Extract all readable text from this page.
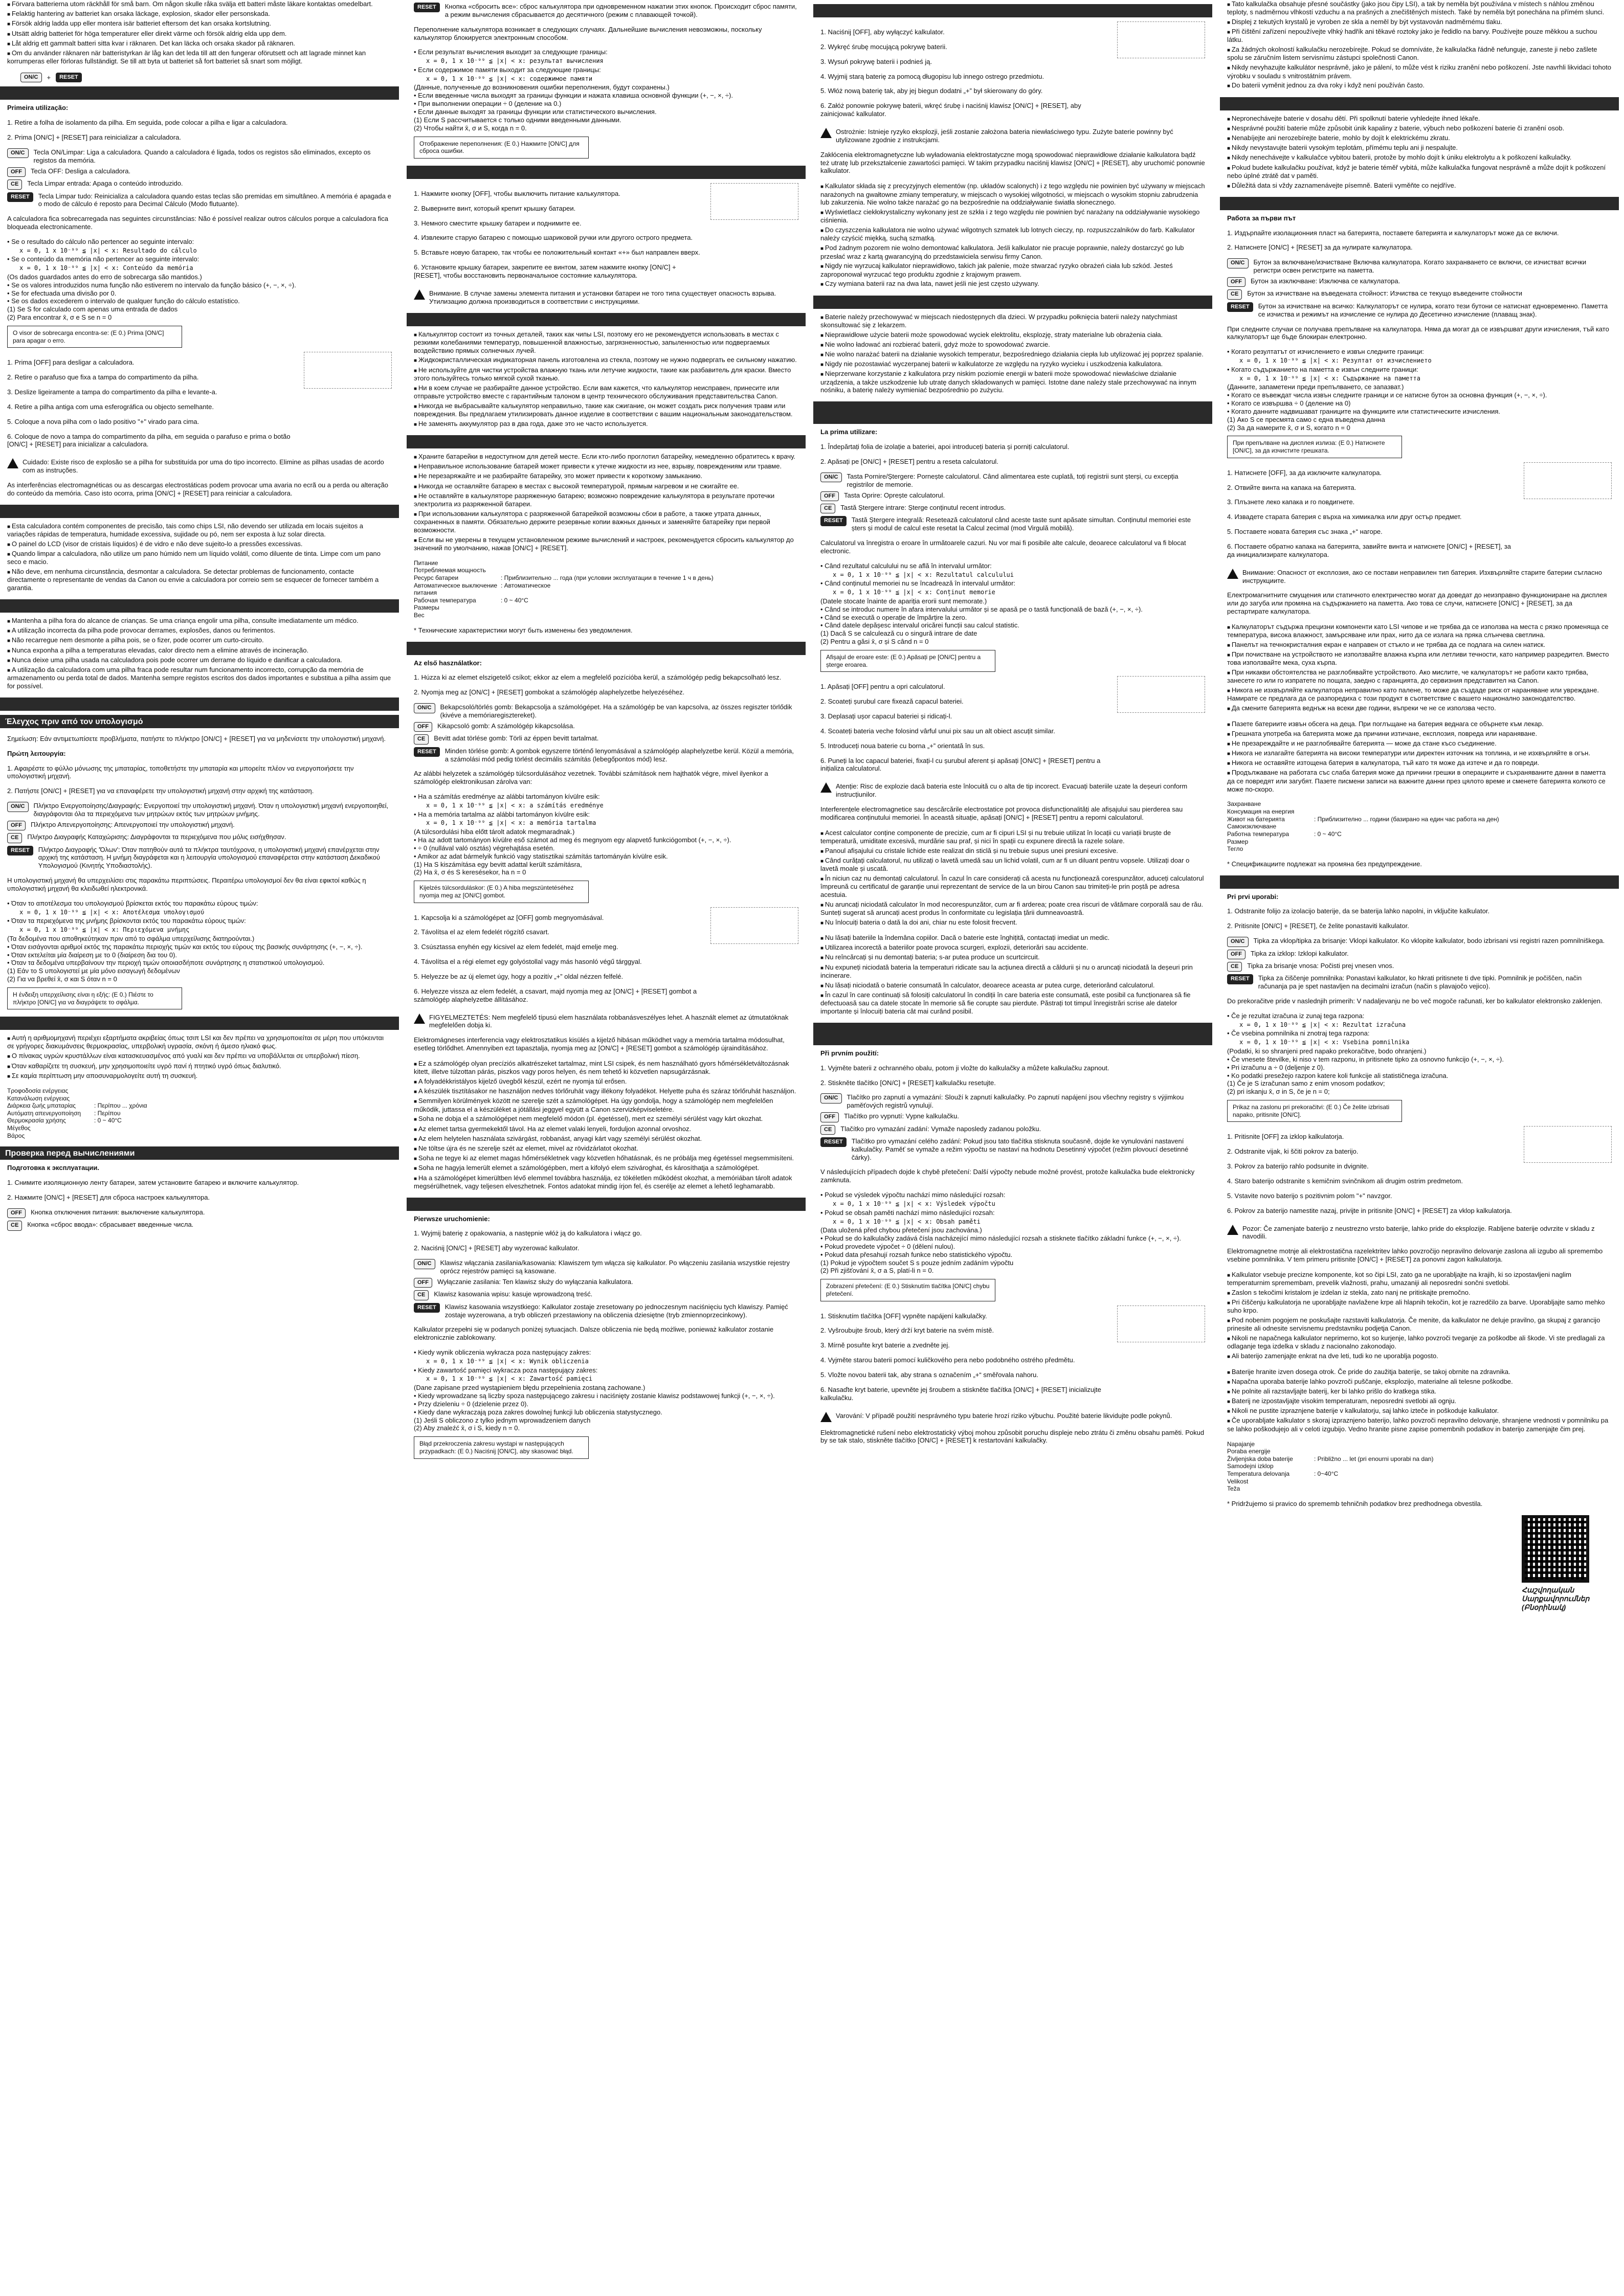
■ Förvara batterierna utom räckhåll för små barn. Om någon skulle råka svälja ett batteri måste läkare kontaktas omedelbart.

■ Felaktig hantering av batteriet kan orsaka läckage, explosion, skador eller personskada.

■ Försök aldrig ladda upp eller montera isär batteriet eftersom det kan orsaka kortslutning.

■ Utsätt aldrig batteriet för höga temperaturer eller direkt värme och försök aldrig elda upp dem.

■ Låt aldrig ett gammalt batteri sitta kvar i räknaren. Det kan läcka och orsaka skador på räknaren.

■ Om du använder räknaren när batteristyrkan är låg kan det leda till att den fungerar oförutsett och att lagrade minnet kan korrumperas eller förloras fullständigt. Se till att byta ut batteriet så fort batteriet så snart som möjligt.

ON/C	+	RESET
Primeira utilização:

1. Retire a folha de isolamento da pilha. Em seguida, pode colocar a pilha e ligar a calculadora.

2. Prima [ON/C] + [RESET] para reinicializar a calculadora.

ON/C	Tecla ON/Limpar: Liga a calculadora. Quando a calculadora é ligada, todos os registos são eliminados, excepto os registos da memória.
OFF	Tecla OFF: Desliga a calculadora.
CE	Tecla Limpar entrada: Apaga o conteúdo introduzido.
RESET	Tecla Limpar tudo: Reinicializa a calculadora quando estas teclas são premidas em simultâneo. A memória é apagada e o modo de cálculo é reposto para Decimal Cálculo (Modo flutuante).

A calculadora fica sobrecarregada nas seguintes circunstâncias: Não é possível realizar outros cálculos porque a calculadora fica bloqueada electronicamente.

• Se o resultado do cálculo não pertencer ao seguinte intervalo:
x = 0, 1 x 10⁻⁹⁹ ≦ |x| < x: Resultado do cálculo
• Se o conteúdo da memória não pertencer ao seguinte intervalo:
x = 0, 1 x 10⁻⁹⁹ ≦ |x| < x: Conteúdo da memória
(Os dados guardados antes do erro de sobrecarga são mantidos.)
• Se os valores introduzidos numa função não estiverem no intervalo da função básico (+, −, ×, ÷).
• Se for efectuada uma divisão por 0.
• Se os dados excederem o intervalo de qualquer função do cálculo estatístico.
(1) Se S for calculado com apenas uma entrada de dados
(2) Para encontrar x̄, σ e S se n = 0
O visor de sobrecarga encontra-se: (E 0.) Prima [ON/C] para apagar o erro.

1. Prima [OFF] para desligar a calculadora.

2. Retire o parafuso que fixa a tampa do compartimento da pilha.

3. Deslize ligeiramente a tampa do compartimento da pilha e levante-a.

4. Retire a pilha antiga com uma esferográfica ou objecto semelhante.

5. Coloque a nova pilha com o lado positivo "+" virado para cima.

6. Coloque de novo a tampa do compartimento da pilha, em seguida o parafuso e prima o botão [ON/C] + [RESET] para inicializar a calculadora.

Cuidado: Existe risco de explosão se a pilha for substituída por uma do tipo incorrecto. Elimine as pilhas usadas de acordo com as instruções.

As interferências electromagnéticas ou as descargas electrostáticas podem provocar uma avaria no ecrã ou a perda ou alteração do conteúdo da memória. Caso isto ocorra, prima [ON/C] + [RESET] para reiniciar a calculadora.

■ Esta calculadora contém componentes de precisão, tais como chips LSI, não devendo ser utilizada em locais sujeitos a variações rápidas de temperatura, humidade excessiva, sujidade ou pó, nem ser exposta à luz solar directa.

■ O painel do LCD (visor de cristais líquidos) é de vidro e não deve sujeito-lo a pressões excessivas.

■ Quando limpar a calculadora, não utilize um pano húmido nem um líquido volátil, como diluente de tinta. Limpe com um pano seco e macio.

■ Não deve, em nenhuma circunstância, desmontar a calculadora. Se detectar problemas de funcionamento, contacte directamente o representante de vendas da Canon ou envie a calculadora por correio sem se esquecer de fornecer também a garantia.

■ Mantenha a pilha fora do alcance de crianças. Se uma criança engolir uma pilha, consulte imediatamente um médico.

■ A utilização incorrecta da pilha pode provocar derrames, explosões, danos ou ferimentos.

■ Não recarregue nem desmonte a pilha pois, se o fizer, pode ocorrer um curto-circuito.

■ Nunca exponha a pilha a temperaturas elevadas, calor directo nem a elimine através de incineração.

■ Nunca deixe uma pilha usada na calculadora pois pode ocorrer um derrame do líquido e danificar a calculadora.

■ A utilização da calculadora com uma pilha fraca pode resultar num funcionamento incorrecto, corrupção da memória de armazenamento ou perda total de dados. Mantenha sempre registos escritos dos dados importantes e substitua a pilha assim que for possível.

Έλεγχος πριν από τον υπολογισμό

Σημείωση: Εάν αντιμετωπίσετε προβλήματα, πατήστε το πλήκτρο [ON/C] + [RESET] για να μηδενίσετε την υπολογιστική μηχανή.

Πρώτη λειτουργία:

1. Αφαιρέστε το φύλλο μόνωσης της μπαταρίας, τοποθετήστε την μπαταρία και μπορείτε πλέον να ενεργοποιήσετε την υπολογιστική μηχανή.

2. Πατήστε [ON/C] + [RESET] για να επαναφέρετε την υπολογιστική μηχανή στην αρχική της κατάσταση.

ON/C	Πλήκτρο Ενεργοποίησης/Διαγραφής: Ενεργοποιεί την υπολογιστική μηχανή. Όταν η υπολογιστική μηχανή ενεργοποιηθεί, διαγράφονται όλα τα περιεχόμενα των μητρώων εκτός των μητρώων μνήμης.
OFF	Πλήκτρο Απενεργοποίησης: Απενεργοποιεί την υπολογιστική μηχανή.
CE	Πλήκτρο Διαγραφής Καταχώρισης: Διαγράφονται τα περιεχόμενα που μόλις εισήχθησαν.
RESET	Πλήκτρο Διαγραφής 'Όλων': Όταν πατηθούν αυτά τα πλήκτρα ταυτόχρονα, η υπολογιστική μηχανή επανέρχεται στην αρχική της κατάσταση. Η μνήμη διαγράφεται και η λειτουργία υπολογισμού επαναφέρεται στην κατάσταση Δεκαδικού Υπολογισμού (Κινητής Υποδιαστολής).

Η υπολογιστική μηχανή θα υπερχειλίσει στις παρακάτω περιπτώσεις. Περαιτέρω υπολογισμοί δεν θα είναι εφικτοί καθώς η υπολογιστική μηχανή θα κλειδωθεί ηλεκτρονικά.

• Όταν το αποτέλεσμα του υπολογισμού βρίσκεται εκτός του παρακάτω εύρους τιμών:
x = 0, 1 x 10⁻⁹⁹ ≦ |x| < x: Αποτέλεσμα υπολογισμού
• Όταν τα περιεχόμενα της μνήμης βρίσκονται εκτός του παρακάτω εύρους τιμών:
x = 0, 1 x 10⁻⁹⁹ ≦ |x| < x: Περιεχόμενα μνήμης
(Τα δεδομένα που αποθηκεύτηκαν πριν από το σφάλμα υπερχείλισης διατηρούνται.)
• Όταν εισάγονται αριθμοί εκτός της παρακάτω περιοχής τιμών και εκτός του εύρους της βασικής συνάρτησης (+, −, ×, ÷).
• Όταν εκτελείται μία διαίρεση με το 0 (διαίρεση δια του 0).
• Όταν τα δεδομένα υπερβαίνουν την περιοχή τιμών οποιασδήποτε συνάρτησης η στατιστικού υπολογισμού.
(1) Εάν το S υπολογιστεί με μία μόνο εισαγωγή δεδομένων
(2) Για να βρεθεί x̄, σ και S όταν n = 0
Η ένδειξη υπερχείλισης είναι η εξής: (E 0.) Πιέστε το πλήκτρο [ON/C] για να διαγράψετε το σφάλμα.

■ Αυτή η αριθμομηχανή περιέχει εξαρτήματα ακριβείας όπως τσιπ LSI και δεν πρέπει να χρησιμοποιείται σε μέρη που υπόκεινται σε γρήγορες διακυμάνσεις θερμοκρασίας, υπερβολική υγρασία, σκόνη ή άμεσο ηλιακό φως.

■ Ο πίνακας υγρών κρυστάλλων είναι κατασκευασμένος από γυαλί και δεν πρέπει να υποβάλλεται σε υπερβολική πίεση.

■ Όταν καθαρίζετε τη συσκευή, μην χρησιμοποιείτε υγρό πανί ή πτητικό υγρό όπως διαλυτικό.

■ Σε καμία περίπτωση μην αποσυναρμολογείτε αυτή τη συσκευή.

Τροφοδοσία ενέργειας
Κατανάλωση ενέργειας
Διάρκεια ζωής μπαταρίας	: Περίπου ... χρόνια
Αυτόματη απενεργοποίηση	: Περίπου
Θερμοκρασία χρήσης	: 0 ~ 40°C
Μέγεθος
Βάρος
Проверка перед вычислениями
Подготовка к эксплуатации.

1. Снимите изоляционную ленту батареи, затем установите батарею и включите калькулятор.

2. Нажмите [ON/C] + [RESET] для сброса настроек калькулятора.

OFF	Кнопка отключения питания: выключение калькулятора.
CE	Кнопка «сброс ввода»: сбрасывает введенные числа.
RESET	Кнопка «сбросить все»: сброс калькулятора при одновременном нажатии этих кнопок. Происходит сброс памяти, а режим вычисления сбрасывается до десятичного (режим с плавающей точкой).

Переполнение калькулятора возникает в следующих случаях. Дальнейшие вычисления невозможны, поскольку калькулятор блокируется электронным способом.

• Если результат вычисления выходит за следующие границы:
x = 0, 1 x 10⁻⁹⁹ ≦ |x| < x: результат вычисления
• Если содержимое памяти выходит за следующие границы:
x = 0, 1 x 10⁻⁹⁹ ≦ |x| < x: содержимое памяти
(Данные, полученные до возникновения ошибки переполнения, будут сохранены.)
• Если введенные числа выходят за границы функции и нажата клавиша основной функции (+, −, ×, ÷).
• При выполнении операции ÷ 0 (деление на 0.)
• Если данные выходят за границы функции или статистического вычисления.
(1) Если S рассчитывается с только одними введенными данными.
(2) Чтобы найти x̄, σ и S, когда n = 0.
Отображение переполнения: (E 0.) Нажмите [ON/C] для сброса ошибки.

1. Нажмите кнопку [OFF], чтобы выключить питание калькулятора.

2. Выверните винт, который крепит крышку батареи.

3. Немного сместите крышку батареи и поднимите ее.

4. Извлеките старую батарею с помощью шариковой ручки или другого острого предмета.

5. Вставьте новую батарею, так чтобы ее положительный контакт «+» был направлен вверх.

6. Установите крышку батареи, закрепите ее винтом, затем нажмите кнопку [ON/C] + [RESET], чтобы восстановить первоначальное состояние калькулятора.

Внимание. В случае замены элемента питания и установки батареи не того типа существует опасность взрыва. Утилизацию должна производиться в соответствии с инструкциями.

■ Калькулятор состоит из точных деталей, таких как чипы LSI, поэтому его не рекомендуется использовать в местах с резкими колебаниями температур, повышенной влажностью, загрязненностью, запыленностью или подвергаемых воздействию прямых солнечных лучей.

■ Жидкокристаллическая индикаторная панель изготовлена из стекла, поэтому не нужно подвергать ее сильному нажатию.

■ Не используйте для чистки устройства влажную ткань или летучие жидкости, такие как разбавитель для краски. Вместо этого пользуйтесь только мягкой сухой тканью.

■ Ни в коем случае не разбирайте данное устройство. Если вам кажется, что калькулятор неисправен, принесите или отправьте устройство вместе с гарантийным талоном в центр технического обслуживания представительства Canon.

■ Никогда не выбрасывайте калькулятор неправильно, такие как сжигание, он может создать риск получения травм или повреждения. Вы предлагаем утилизировать данное изделие в соответствии с вашим национальным законодательством.

■ Не заменять аккумулятор раз в два года, даже это не часто используется.

■ Храните батарейки в недоступном для детей месте. Если кто-либо проглотил батарейку, немедленно обратитесь к врачу.

■ Неправильное использование батарей может привести к утечке жидкости из нее, взрыву, повреждениям или травме.

■ Не перезаряжайте и не разбирайте батарейку, это может привести к короткому замыканию.

■ Никогда не оставляйте батарею в местах с высокой температурой, прямым нагревом и не сжигайте ее.

■ Не оставляйте в калькуляторе разряженную батарею; возможно повреждение калькулятора в результате протечки электролита из разряженной батареи.

■ При использовании калькулятора с разряженной батарейкой возможны сбои в работе, а также утрата данных, сохраненных в памяти. Обязательно держите резервные копии важных данных и заменяйте батарейку при первой возможности.

■ Если вы не уверены в текущем установленном режиме вычислений и настроек, рекомендуется сбросить калькулятор до значений по умолчанию, нажав [ON/C] + [RESET].

Питание
Потребляемая мощность
Ресурс батареи	: Приблизительно ... года (при условии эксплуатации в течение 1 ч в день)
Автоматическое выключение питания
: Автоматическое
Рабочая температура	: 0 ~ 40°C
Размеры
Вес
* Технические характеристики могут быть изменены без уведомления.
Az első használatkor:

1. Húzza ki az elemet elszigetelő csíkot; ekkor az elem a megfelelő pozícióba kerül, a számológép pedig bekapcsolható lesz.

2. Nyomja meg az [ON/C] + [RESET] gombokat a számológép alaphelyzetbe helyezéséhez.

ON/C	Bekapcsoló/törlés gomb: Bekapcsolja a számológépet. Ha a számológép be van kapcsolva, az összes regiszter törlődik (kivéve a memóriaregisztereket).
OFF	Kikapcsoló gomb: A számológép kikapcsolása.
CE	Bevitt adat törlése gomb: Törli az éppen bevitt tartalmat.
RESET	Minden törlése gomb: A gombok egyszerre történő lenyomásával a számológép alaphelyzetbe kerül. Közül a memória, a számolási mód pedig törlést decimális számítás (lebegőpontos mód) lesz.

Az alábbi helyzetek a számológép túlcsordulásához vezetnek. További számítások nem hajthatók végre, mivel ilyenkor a számológép elektronikusan zárolva van:

• Ha a számítás eredménye az alábbi tartományon kívülre esik:
x = 0, 1 x 10⁻⁹⁹ ≦ |x| < x: a számítás eredménye
• Ha a memória tartalma az alábbi tartományon kívülre esik:
x = 0, 1 x 10⁻⁹⁹ ≦ |x| < x: a memória tartalma
(A túlcsordulási hiba előtt tárolt adatok megmaradnak.)
• Ha az adott tartományon kívülre eső számot ad meg és megnyom egy alapvető funkciógombot (+, −, ×, ÷).
• ÷ 0 (nullával való osztás) végrehajtása esetén.
• Amikor az adat bármelyik funkció vagy statisztikai számítás tartományán kívülre esik.
(1) Ha S kiszámítása egy bevitt adattal került számításra,
(2) Ha x̄, σ és S keresésekor, ha n = 0
Kijelzés túlcsorduláskor: (E 0.) A hiba megszüntetéséhez nyomja meg az [ON/C] gombot.

1. Kapcsolja ki a számológépet az [OFF] gomb megnyomásával.

2. Távolítsa el az elem fedelét rögzítő csavart.

3. Csúsztassa enyhén egy kicsivel az elem fedelét, majd emelje meg.

4. Távolítsa el a régi elemet egy golyóstollal vagy más hasonló végű tárggyal.

5. Helyezze be az új elemet úgy, hogy a pozitív „+” oldal nézzen felfelé.

6. Helyezze vissza az elem fedelét, a csavart, majd nyomja meg az [ON/C] + [RESET] gombot a számológép alaphelyzetbe állításához.

FIGYELMEZTETÉS: Nem megfelelő típusú elem használata robbanásveszélyes lehet. A használt elemet az útmutatóknak megfelelően dobja ki.

Elektromágneses interferencia vagy elektrosztatikus kisülés a kijelző hibásan működhet vagy a memória tartalma módosulhat, esetleg törlődhet. Amennyiben ezt tapasztalja, nyomja meg az [ON/C] + [RESET] gombot a számológép újraindításához.

■ Ez a számológép olyan precíziós alkatrészeket tartalmaz, mint LSI csipek, és nem használható gyors hőmérsékletváltozásnak kitett, illetve túlzottan párás, piszkos vagy poros helyen, és nem tehető ki közvetlen napsugárzásnak.

■ A folyadékkristályos kijelző üvegből készül, ezért ne nyomja túl erősen.

■ A készülék tisztításakor ne használjon nedves törlőruhát vagy illékony folyadékot. Helyette puha és száraz törlőruhát használjon.

■ Semmilyen körülmények között ne szerelje szét a számológépet. Ha úgy gondolja, hogy a számológép nem megfelelően működik, juttassa el a készüléket a jótállási jeggyel együtt a Canon szervizképviseletére.

■ Soha ne dobja el a számológépet nem megfelelő módon (pl. égetéssel), mert ez személyi sérülést vagy kárt okozhat.

■ Az elemet tartsa gyermekektől távol. Ha az elemet valaki lenyeli, forduljon azonnal orvoshoz.

■ Az elem helytelen használata szivárgást, robbanást, anyagi kárt vagy személyi sérülést okozhat.

■ Ne töltse újra és ne szerelje szét az elemet, mivel az rövidzárlatot okozhat.

■ Soha ne tegye ki az elemet magas hőmérsékletnek vagy közvetlen hőhatásnak, és ne próbálja meg égetéssel megsemmisíteni.

■ Soha ne hagyja lemerült elemet a számológépben, mert a kifolyó elem szivároghat, és károsíthatja a számológépet.

■ Ha a számológépet kimerültben lévő elemmel továbbra használja, ez tökéletlen működést okozhat, a memóriában tárolt adatok megsérülhetnek, vagy teljesen elveszhetnek. Fontos adatokat mindig írjon fel, és cserélje az elemet a lehető leghamarabb.

Pierwsze uruchomienie:

1. Wyjmij baterię z opakowania, a następnie włóż ją do kalkulatora i włącz go.

2. Naciśnij [ON/C] + [RESET] aby wyzerować kalkulator.

ON/C	Klawisz włączania zasilania/kasowania: Klawiszem tym włącza się kalkulator. Po włączeniu zasilania wszystkie rejestry oprócz rejestrów pamięci są kasowane.
OFF	Wyłączanie zasilania: Ten klawisz służy do wyłączania kalkulatora.
CE	Klawisz kasowania wpisu: kasuje wprowadzoną treść.
RESET	Klawisz kasowania wszystkiego: Kalkulator zostaje zresetowany po jednoczesnym naciśnięciu tych klawiszy. Pamięć zostaje wyzerowana, a tryb obliczeń przestawiony na obliczenia dziesiętne (tryb zmiennoprzecinkowy).

Kalkulator przepełni się w podanych poniżej sytuacjach. Dalsze obliczenia nie będą możliwe, ponieważ kalkulator zostanie elektronicznie zablokowany.

• Kiedy wynik obliczenia wykracza poza następujący zakres:
x = 0, 1 x 10⁻⁹⁹ ≦ |x| < x: Wynik obliczenia
• Kiedy zawartość pamięci wykracza poza następujący zakres:
x = 0, 1 x 10⁻⁹⁹ ≦ |x| < x: Zawartość pamięci
(Dane zapisane przed wystąpieniem błędu przepełnienia zostaną zachowane.)
• Kiedy wprowadzane są liczby spoza następującego zakresu i naciśnięty zostanie klawisz podstawowej funkcji (+, −, ×, ÷).
• Przy dzieleniu ÷ 0 (dzielenie przez 0).
• Kiedy dane wykraczają poza zakres dowolnej funkcji lub obliczenia statystycznego.
(1) Jeśli S obliczono z tylko jednym wprowadzeniem danych
(2) Aby znaleźć x̄, σ i S, kiedy n = 0.
Błąd przekroczenia zakresu wystąpi w następujących przypadkach: (E 0.) Naciśnij [ON/C], aby skasować błąd.

1. Naciśnij [OFF], aby wyłączyć kalkulator.

2. Wykręć śrubę mocującą pokrywę baterii.

3. Wysuń pokrywę baterii i podnieś ją.

4. Wyjmij starą baterię za pomocą długopisu lub innego ostrego przedmiotu.

5. Włóż nową baterię tak, aby jej biegun dodatni „+” był skierowany do góry.

6. Załóż ponownie pokrywę baterii, wkręć śrubę i naciśnij klawisz [ON/C] + [RESET], aby zainicjować kalkulator.

Ostrożnie: Istnieje ryzyko eksplozji, jeśli zostanie założona bateria niewłaściwego typu. Zużyte baterie powinny być utylizowane zgodnie z instrukcjami.

Zakłócenia elektromagnetyczne lub wyładowania elektrostatyczne mogą spowodować nieprawidłowe działanie kalkulatora bądź też utratę lub przekształcenie zawartości pamięci. W takim przypadku naciśnij klawisz [ON/C] + [RESET], aby uruchomić ponownie kalkulator.

■ Kalkulator składa się z precyzyjnych elementów (np. układów scalonych) i z tego względu nie powinien być używany w miejscach narażonych na gwałtowne zmiany temperatury, w miejscach o wysokiej wilgotności, w miejscach o wysokim stopniu zabrudzenia lub zakurzenia. Nie wolno także narażać go na bezpośrednie na oddziaływanie światła słonecznego.

■ Wyświetlacz ciekłokrystaliczny wykonany jest ze szkła i z tego względu nie powinien być narażany na oddziaływanie wysokiego ciśnienia.

■ Do czyszczenia kalkulatora nie wolno używać wilgotnych szmatek lub lotnych cieczy, np. rozpuszczalników do farb. Kalkulator należy czyścić miękką, suchą szmatką.

■ Pod żadnym pozorem nie wolno demontować kalkulatora. Jeśli kalkulator nie pracuje poprawnie, należy dostarczyć go lub przesłać wraz z kartą gwarancyjną do przedstawiciela serwisu firmy Canon.

■ Nigdy nie wyrzucaj kalkulator nieprawidłowo, takich jak palenie, może stwarzać ryzyko obrażeń ciała lub szkód. Jesteś zaproponował wyrzucać tego produktu zgodnie z krajowym prawem.

■ Czy wymiana baterii raz na dwa lata, nawet jeśli nie jest często używany.

■ Baterie należy przechowywać w miejscach niedostępnych dla dzieci. W przypadku połknięcia baterii należy natychmiast skonsultować się z lekarzem.

■ Nieprawidłowe użycie baterii może spowodować wyciek elektrolitu, eksplozję, straty materialne lub obrażenia ciała.

■ Nie wolno ładować ani rozbierać baterii, gdyż może to spowodować zwarcie.

■ Nie wolno narażać baterii na działanie wysokich temperatur, bezpośredniego działania ciepła lub utylizować jej poprzez spalanie.

■ Nigdy nie pozostawiać wyczerpanej baterii w kalkulatorze ze względu na ryzyko wycieku i uszkodzenia kalkulatora.

■ Nieprzerwane korzystanie z kalkulatora przy niskim poziomie energii w baterii może spowodować niewłaściwe działanie urządzenia, a także uszkodzenie lub utratę danych składowanych w pamięci. Istotne dane należy stale przechowywać na innym nośniku, a baterię należy wymieniać bezpośrednio po zużyciu.

La prima utilizare:

1. Îndepărtați folia de izolație a bateriei, apoi introduceți bateria și porniți calculatorul.

2. Apăsați pe [ON/C] + [RESET] pentru a reseta calculatorul.

ON/C	Tasta Pornire/Ștergere: Pornește calculatorul. Când alimentarea este cuplată, toți registrii sunt șterși, cu excepția registrilor de memorie.
OFF	Tasta Oprire: Oprește calculatorul.
CE	Tastă Ștergere intrare: Șterge conținutul recent introdus.
RESET	Tastă Ștergere integrală: Resetează calculatorul când aceste taste sunt apăsate simultan. Conținutul memoriei este șters și modul de calcul este resetat la Calcul zecimal (mod Virgulă mobilă).

Calculatorul va înregistra o eroare în următoarele cazuri. Nu vor mai fi posibile alte calcule, deoarece calculatorul va fi blocat electronic.

• Când rezultatul calculului nu se află în intervalul următor:
x = 0, 1 x 10⁻⁹⁹ ≦ |x| < x: Rezultatul calculului
• Când conținutul memoriei nu se încadrează în intervalul următor:
x = 0, 1 x 10⁻⁹⁹ ≦ |x| < x: Conținut memorie
(Datele stocate înainte de apariția erorii sunt memorate.)
• Când se introduc numere în afara intervalului următor și se apasă pe o tastă funcțională de bază (+, −, ×, ÷).
• Când se execută o operație de împărțire la zero.
• Când datele depășesc intervalul oricărei funcții sau calcul statistic.
(1) Dacă S se calculează cu o singură intrare de date
(2) Pentru a găsi x̄, σ și S când n = 0
Afișajul de eroare este: (E 0.) Apăsați pe [ON/C] pentru a șterge eroarea.

1. Apăsați [OFF] pentru a opri calculatorul.

2. Scoateți șurubul care fixează capacul bateriei.

3. Deplasați ușor capacul bateriei și ridicați-l.

4. Scoateți bateria veche folosind vârful unui pix sau un alt obiect ascuțit similar.

5. Introduceți noua baterie cu borna „+” orientată în sus.

6. Puneți la loc capacul bateriei, fixați-l cu șurubul aferent și apăsați [ON/C] + [RESET] pentru a inițializa calculatorul.

Atenție: Risc de explozie dacă bateria este înlocuită cu o alta de tip incorect. Evacuați bateriile uzate la deșeuri conform instrucțiunilor.

Interferențele electromagnetice sau descărcările electrostatice pot provoca disfuncționalități ale afișajului sau pierderea sau modificarea conținutului memoriei. În această situație, apăsați [ON/C] + [RESET] pentru a reporni calculatorul.

■ Acest calculator conține componente de precizie, cum ar fi cipuri LSI și nu trebuie utilizat în locații cu variații bruște de temperatură, umiditate excesivă, murdărie sau praf, și nici în spații cu expunere directă la razele solare.

■ Panoul afișajului cu cristale lichide este realizat din sticlă și nu trebuie supus unei presiuni excesive.

■ Când curățați calculatorul, nu utilizați o lavetă umedă sau un lichid volatil, cum ar fi un diluant pentru vopsele. Utilizați doar o lavetă moale și uscată.

■ În niciun caz nu demontați calculatorul. În cazul în care considerați că acesta nu funcționează corespunzător, aduceți calculatorul împreună cu certificatul de garanție unui reprezentant de service de la un birou Canon sau trimiteți-le prin poștă pe adresa acestuia.

■ Nu aruncați niciodată calculator în mod necorespunzător, cum ar fi arderea; poate crea riscuri de vătămare corporală sau de rău. Sunteți sugerat să aruncați acest produs în conformitate cu legislația țării dumneavoastră.

■ Nu înlocuiți bateria o dată la doi ani, chiar nu este folosit frecvent.

■ Nu lăsați bateriile la îndemâna copiilor. Dacă o baterie este înghițită, contactați imediat un medic.

■ Utilizarea incorectă a bateriilor poate provoca scurgeri, explozii, deteriorări sau accidente.

■ Nu reîncărcați și nu demontați bateria; s-ar putea produce un scurtcircuit.

■ Nu expuneți niciodată bateria la temperaturi ridicate sau la acțiunea directă a căldurii și nu o aruncați niciodată la deșeuri prin incinerare.

■ Nu lăsați niciodată o baterie consumată în calculator, deoarece aceasta ar putea curge, deteriorând calculatorul.

■ În cazul în care continuați să folosiți calculatorul în condiții în care bateria este consumată, este posibil ca funcționarea să fie defectuoasă sau ca datele stocate în memorie să fie corupte sau pierdute. Păstrați tot timpul înregistrări scrise ale datelor importante și înlocuiți bateria cât mai curând posibil.

Při prvním použití:

1. Vyjměte baterii z ochranného obalu, potom ji vložte do kalkulačky a můžete kalkulačku zapnout.

2. Stiskněte tlačítko [ON/C] + [RESET] kalkulačku resetujte.

ON/C	Tlačítko pro zapnutí a vymazání: Slouží k zapnutí kalkulačky. Po zapnutí napájení jsou všechny registry s výjimkou paměťových registrů vynulují.
OFF	Tlačítko pro vypnutí: Vypne kalkulačku.
CE	Tlačítko pro vymazání zadání: Vymaže naposledy zadanou položku.
RESET	Tlačítko pro vymazání celého zadání: Pokud jsou tato tlačítka stisknuta současně, dojde ke vynulování nastavení kalkulačky. Paměť se vymaže a režim výpočtu se nastaví na hodnotu Desetinný výpočet (režim plovoucí desetinné čárky).

V následujících případech dojde k chybě přetečení: Další výpočty nebude možné provést, protože kalkulačka bude elektronicky zamknuta.

• Pokud se výsledek výpočtu nachází mimo následující rozsah:
x = 0, 1 x 10⁻⁹⁹ ≦ |x| < x: Výsledek výpočtu
• Pokud se obsah paměti nachází mimo následující rozsah:
x = 0, 1 x 10⁻⁹⁹ ≦ |x| < x: Obsah paměti
(Data uložená před chybou přetečení jsou zachována.)
• Pokud se do kalkulačky zadává čísla nacházející mimo následující rozsah a stisknete tlačítko základní funkce (+, −, ×, ÷).
• Pokud provedete výpočet ÷ 0 (dělení nulou).
• Pokud data přesahují rozsah funkce nebo statistického výpočtu.
(1) Pokud je výpočtem součet S s pouze jedním zadáním výpočtu
(2) Při zjišťování x̄, σ a S, platí-li n = 0.
Zobrazení přetečení: (E 0.) Stisknutím tlačítka [ON/C] chybu přetečení.

1. Stisknutím tlačítka [OFF] vypněte napájení kalkulačky.

2. Vyšroubujte šroub, který drží kryt baterie na svém místě.

3. Mírně posuňte kryt baterie a zvedněte jej.

4. Vyjměte starou baterii pomocí kuličkového pera nebo podobného ostrého předmětu.

5. Vložte novou baterii tak, aby strana s označením „+“ směřovala nahoru.

6. Nasaďte kryt baterie, upevněte jej šroubem a stiskněte tlačítka [ON/C] + [RESET] inicializujte kalkulačku.

Varování: V případě použití nesprávného typu baterie hrozí riziko výbuchu. Použité baterie likvidujte podle pokynů.

Elektromagnetické rušení nebo elektrostatický výboj mohou způsobit poruchu displeje nebo ztrátu či změnu obsahu paměti. Pokud by se tak stalo, stiskněte tlačítko [ON/C] + [RESET] k restartování kalkulačky.

■ Tato kalkulačka obsahuje přesné součástky (jako jsou čipy LSI), a tak by neměla být používána v místech s náhlou změnou teploty, s nadměrnou vlhkostí vzduchu a na prašných a znečištěných místech. Také by neměla být ponechána na přímém slunci.

■ Displej z tekutých krystalů je vyroben ze skla a neměl by být vystavován nadměrnému tlaku.

■ Při čištění zařízení nepoužívejte vlhký hadřík ani těkavé roztoky jako je ředidlo na barvy. Používejte pouze měkkou a suchou látku.

■ Za žádných okolností kalkulačku nerozebírejte. Pokud se domníváte, že kalkulačka řádně nefunguje, zaneste ji nebo zašlete spolu se záručním listem servisnímu zástupci společnosti Canon.

■ Nikdy nevyhazujte kalkulátor nesprávně, jako je pálení, to může vést k riziku zranění nebo poškození. Jste navrhli likvidaci tohoto výrobku v souladu s vnitrostátním právem.

■ Do baterii vyměnit jednou za dva roky i když není používán často.

■ Nepronechávejte baterie v dosahu dětí. Při spolknutí baterie vyhledejte ihned lékaře.

■ Nesprávné použití baterie může způsobit únik kapaliny z baterie, výbuch nebo poškození baterie či zranění osob.

■ Nenabíjejte ani nerozebírejte baterie, mohlo by dojít k elektrickému zkratu.

■ Nikdy nevystavujte baterii vysokým teplotám, přímému teplu ani ji nespalujte.

■ Nikdy nenechávejte v kalkulačce vybitou baterii, protože by mohlo dojít k úniku elektrolytu a k poškození kalkulačky.

■ Pokud budete kalkulačku používat, když je baterie téměř vybitá, může kalkulačka fungovat nesprávně a může dojít k poškození nebo úplné ztrátě dat v paměti.

■ Důležitá data si vždy zaznamenávejte písemně. Baterii vyměňte co nejdříve.

Работа за първи път

1. Издърпайте изолационния пласт на батерията, поставете батерията и калкулаторът може да се включи.

2. Натиснете [ON/C] + [RESET] за да нулирате калкулатора.

ON/C	Бутон за включване/изчистване Включва калкулатора. Когато захранването се включи, се изчистват всички регистри освен регистрите на паметта.
OFF	Бутон за изключване: Изключва се калкулатора.
CE	Бутон за изчистване на въведената стойност: Изчиства се текущо въведените стойности
RESET	Бутон за изчистване на всичко: Калкулаторът се нулира, когато тези бутони се натиснат едновременно. Паметта се изчиства и режимът на изчисление се нулира до Десетично изчисление (плаващ знак).

При следните случаи се получава препълване на калкулатора. Няма да могат да се извършват други изчисления, тъй като калкулаторът ще бъде блокиран електронно.

• Когато резултатът от изчислението е извън следните граници:
x = 0, 1 x 10⁻⁹⁹ ≦ |x| < x: Резултат от изчислението
• Когато съдържанието на паметта е извън следните граници:
x = 0, 1 x 10⁻⁹⁹ ≦ |x| < x: Съдържание на паметта
(Данните, запаметени преди препълването, се запазват.)
• Когато се въвеждат числа извън следните граници и се натисне бутон за основна функция (+, −, ×, ÷).
• Когато се извършва ÷ 0 (деление на 0)
• Когато данните надвишават границите на функциите или статистическите изчисления.
(1) Ако S се пресмята само с една въведена данна
(2) За да намерите x̄, σ и S, когато n = 0
При препълване на дисплея излиза: (E 0.) Натиснете [ON/C], за да изчистите грешката.

1. Натиснете [OFF], за да изключите калкулатора.

2. Отвийте винта на капака на батерията.

3. Плъзнете леко капака и го повдигнете.

4. Извадете старата батерия с върха на химикалка или друг остър предмет.

5. Поставете новата батерия със знака „+“ нагоре.

6. Поставете обратно капака на батерията, завийте винта и натиснете [ON/C] + [RESET], за да инициализирате калкулатора.

Внимание: Опасност от експлозия, ако се постави неправилен тип батерия. Изхвърляйте старите батерии съгласно инструкциите.

Електромагнитните смущения или статичното електричество могат да доведат до неизправно функциониране на дисплея или до загуба или промяна на съдържанието на паметта. Ако това се случи, натиснете [ON/C] + [RESET], за да рестартирате калкулатора.

■ Калкулаторът съдържа прецизни компоненти като LSI чипове и не трябва да се използва на места с рязко променяща се температура, висока влажност, замърсяване или прах, нито да се излага на пряка слънчева светлина.

■ Панелът на течнокристалния екран е направен от стъкло и не трябва да се подлага на силен натиск.

■ При почистване на устройството не използвайте влажна кърпа или летливи течности, като например разредител. Вместо това използвайте мека, суха кърпа.

■ При никакви обстоятелства не разглобявайте устройството. Ако мислите, че калкулаторът не работи както трябва, занесете го или го изпратете по пощата, заедно с гаранцията, до сервизния представител на Canon.

■ Никога не изхвърляйте калкулатора неправилно като палене, то може да създаде риск от нараняване или увреждане. Намирате се предлага да се разпоредиха с този продукт в съответствие с вашето национално законодателство.

■ Да смените батерията веднъж на всеки две години, въпреки че не се използва често.

■ Пазете батериите извън обсега на деца. При поглъщане на батерия веднага се обърнете към лекар.

■ Грешната употреба на батерията може да причини изтичане, експлозия, повреда или нараняване.

■ Не презареждайте и не разглобявайте батерията — може да стане късо съединение.

■ Никога не излагайте батерията на високи температури или директен източник на топлина, и не изхвърляйте в огън.

■ Никога не оставяйте изтощена батерия в калкулатора, тъй като тя може да изтече и да го повреди.

■ Продължаване на работата със слаба батерия може да причини грешки в операциите и съхраняваните данни в паметта да се повредят или загубят. Пазете писмени записи на важните данни през цялото време и сменете батерията колкото се може по-скоро.

Захранване
Консумация на енергия
Живот на батерията	: Приблизително ... години (базирано на един час работа на ден)
Самоизключване
Работна температура	: 0 ~ 40°C
Размер
Тегло
* Спецификациите подлежат на промяна без предупреждение.
Pri prvi uporabi:

1. Odstranite folijo za izolacijo baterije, da se baterija lahko napolni, in vključite kalkulator.

2. Pritisnite [ON/C] + [RESET], če želite ponastaviti kalkulator.

ON/C	Tipka za vklop/tipka za brisanje: Vklopi kalkulator. Ko vklopite kalkulator, bodo izbrisani vsi registri razen pomnilniškega.
OFF	Tipka za izklop: Izklopi kalkulator.
CE	Tipka za brisanje vnosa: Počisti prej vnesen vnos.
RESET	Tipka za čiščenje pomnilnika: Ponastavi kalkulator, ko hkrati pritisnete ti dve tipki. Pomnilnik je počiščen, način računanja pa je spet nastavljen na decimalni izračun (način s plavajočo vejico).

Do prekoračitve pride v naslednjih primerih: V nadaljevanju ne bo več mogoče računati, ker bo kalkulator elektronsko zaklenjen.

• Če je rezultat izračuna iz zunaj tega razpona:
x = 0, 1 x 10⁻⁹⁹ ≦ |x| < x: Rezultat izračuna
• Če vsebina pomnilnika ni znotraj tega razpona:
x = 0, 1 x 10⁻⁹⁹ ≦ |x| < x: Vsebina pomnilnika
(Podatki, ki so shranjeni pred napako prekoračitve, bodo ohranjeni.)
• Če vnesete številke, ki niso v tem razponu, in pritisnete tipko za osnovno funkcijo (+, −, ×, ÷).
• Pri izračunu a ÷ 0 (deljenje z 0).
• Ko podatki presežejo razpon katere koli funkcije ali statističnega izračuna.
(1) Če je S izračunan samo z enim vnosom podatkov;
(2) pri iskanju x̄, σ in S, če je n = 0;
Prikaz na zaslonu pri prekoračitvi: (E 0.) Če želite izbrisati napako, pritisnite [ON/C].

1. Pritisnite [OFF] za izklop kalkulatorja.

2. Odstranite vijak, ki ščiti pokrov za baterijo.

3. Pokrov za baterijo rahlo podsunite in dvignite.

4. Staro baterijo odstranite s kemičnim svinčnikom ali drugim ostrim predmetom.

5. Vstavite novo baterijo s pozitivnim polom "+" navzgor.

6. Pokrov za baterijo namestite nazaj, privijte in pritisnite [ON/C] + [RESET] za vklop kalkulatorja.

Pozor: Če zamenjate baterijo z neustrezno vrsto baterije, lahko pride do eksplozije. Rabljene baterije odvrzite v skladu z navodili.

Elektromagnetne motnje ali elektrostatična razelektritev lahko povzročijo nepravilno delovanje zaslona ali izgubo ali spremembo vsebine pomnilnika. V tem primeru pritisnite [ON/C] + [RESET] za ponovni zagon kalkulatorja.

■ Kalkulator vsebuje precizne komponente, kot so čipi LSI, zato ga ne uporabljajte na krajih, ki so izpostavljeni naglim temperaturnim spremembam, prevelik vlažnosti, prahu, umazaniji ali neposredni sončni svetlobi.

■ Zaslon s tekočimi kristalom je izdelan iz stekla, zato nanj ne pritiskajte premočno.

■ Pri čiščenju kalkulatorja ne uporabljajte navlažene krpe ali hlapnih tekočin, kot je razredčilo za barve. Uporabljajte samo mehko suho krpo.

■ Pod nobenim pogojem ne poskušajte razstaviti kalkulatorja. Če menite, da kalkulator ne deluje pravilno, ga skupaj z garancijo prinesite ali odnesite servisnemu predstavniku podjetja Canon.

■ Nikoli ne napačnega kalkulator neprimerno, kot so kurjenje, lahko povzroči tveganje za poškodbe ali škode. Vi ste predlagali za odlaganje tega izdelka v skladu z nacionalno zakonodajo.

■ Ali baterijo zamenjajte enkrat na dve leti, tudi ko ne uporablja pogosto.

■ Baterije hranite izven dosega otrok. Če pride do zaužitja baterije, se takoj obrnite na zdravnika.

■ Napačna uporaba baterije lahko povzroči puščanje, eksplozijo, materialne ali telesne poškodbe.

■ Ne polnite ali razstavljajte baterij, ker bi lahko prišlo do kratkega stika.

■ Baterij ne izpostavljajte visokim temperaturam, neposredni svetlobi ali ognju.

■ Nikoli ne pustite izpraznjene baterije v kalkulatorju, saj lahko izteče in poškoduje kalkulator.

■ Če uporabljate kalkulator s skoraj izpraznjeno baterijo, lahko povzroči nepravilno delovanje, shranjene vrednosti v pomnilniku pa se lahko poškodujejo ali v celoti izgubijo. Vedno hranite pisne zapise pomembnih podatkov in baterijo zamenjajte čim prej.

Napajanje
Poraba energije
Življenjska doba baterije	: Približno ... let (pri enourni uporabi na dan)
Samodejni izklop
Temperatura delovanja	: 0~40°C
Velikost
Teža
* Pridržujemo si pravico do sprememb tehničnih podatkov brez predhodnega obvestila.
Հաշվողական Սարքավորումներ (Բնօրինակ)
